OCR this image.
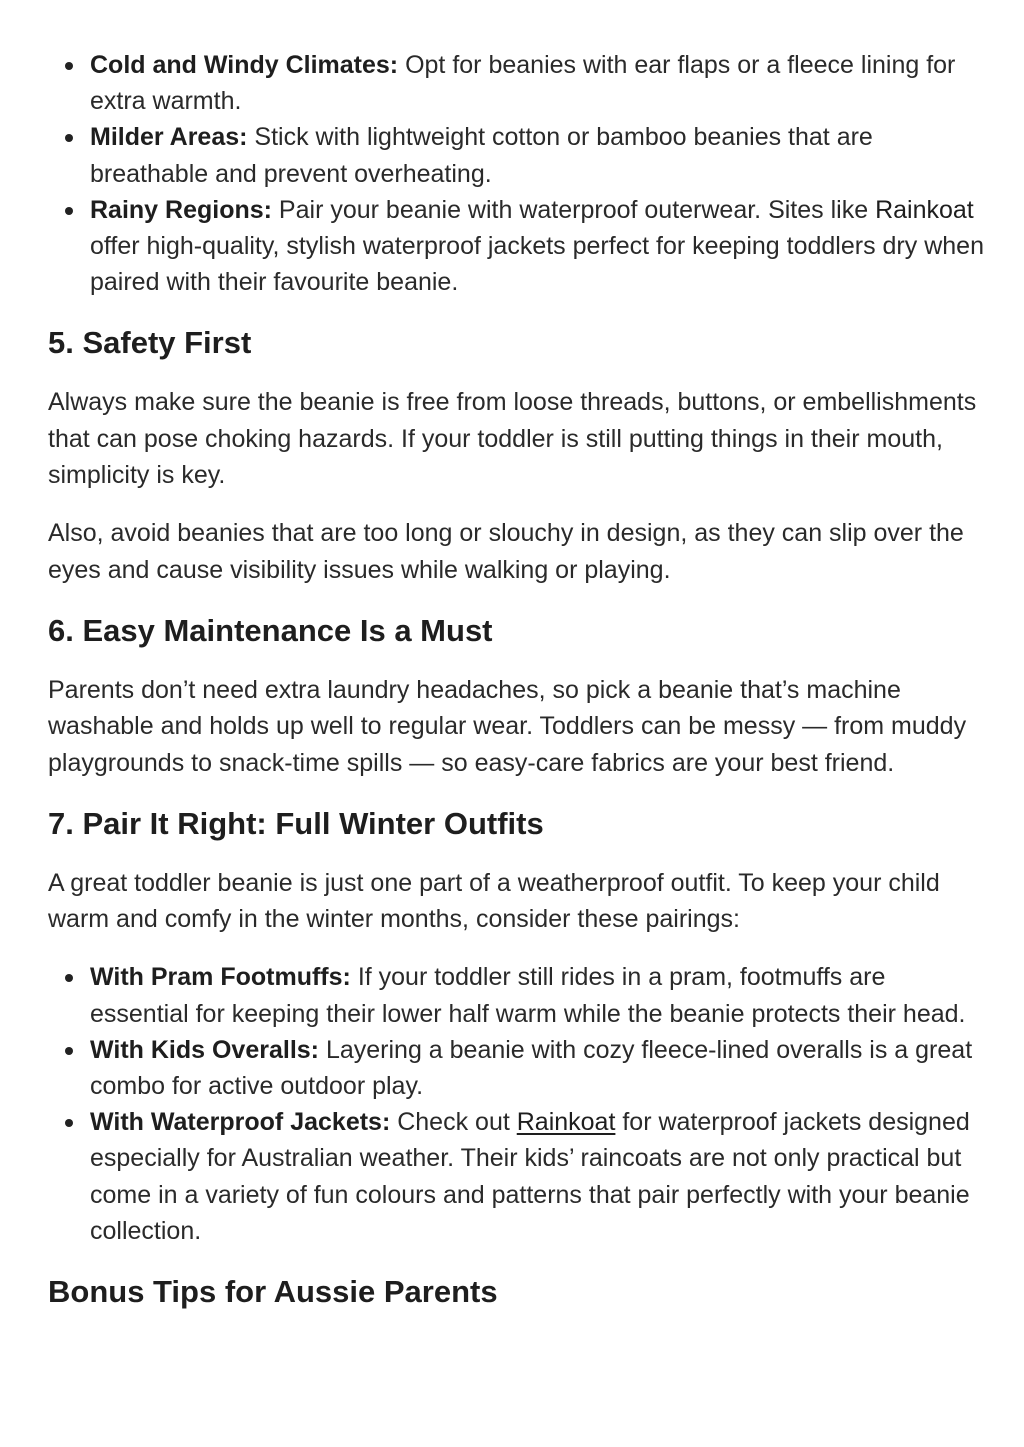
Cold and Windy Climates: Opt for beanies with ear flaps or a fleece lining for extra warmth.
Milder Areas: Stick with lightweight cotton or bamboo beanies that are breathable and prevent overheating.
Rainy Regions: Pair your beanie with waterproof outerwear. Sites like Rainkoat offer high-quality, stylish waterproof jackets perfect for keeping toddlers dry when paired with their favourite beanie.
5. Safety First

Always make sure the beanie is free from loose threads, buttons, or embellishments that can pose choking hazards. If your toddler is still putting things in their mouth, simplicity is key.

Also, avoid beanies that are too long or slouchy in design, as they can slip over the eyes and cause visibility issues while walking or playing.

6. Easy Maintenance Is a Must

Parents don’t need extra laundry headaches, so pick a beanie that’s machine washable and holds up well to regular wear. Toddlers can be messy — from muddy playgrounds to snack-time spills — so easy-care fabrics are your best friend.

7. Pair It Right: Full Winter Outfits

A great toddler beanie is just one part of a weatherproof outfit. To keep your child warm and comfy in the winter months, consider these pairings:

With Pram Footmuffs: If your toddler still rides in a pram, footmuffs are essential for keeping their lower half warm while the beanie protects their head.
With Kids Overalls: Layering a beanie with cozy fleece-lined overalls is a great combo for active outdoor play.
With Waterproof Jackets: Check out Rainkoat for waterproof jackets designed especially for Australian weather. Their kids’ raincoats are not only practical but come in a variety of fun colours and patterns that pair perfectly with your beanie collection.
Bonus Tips for Aussie Parents
